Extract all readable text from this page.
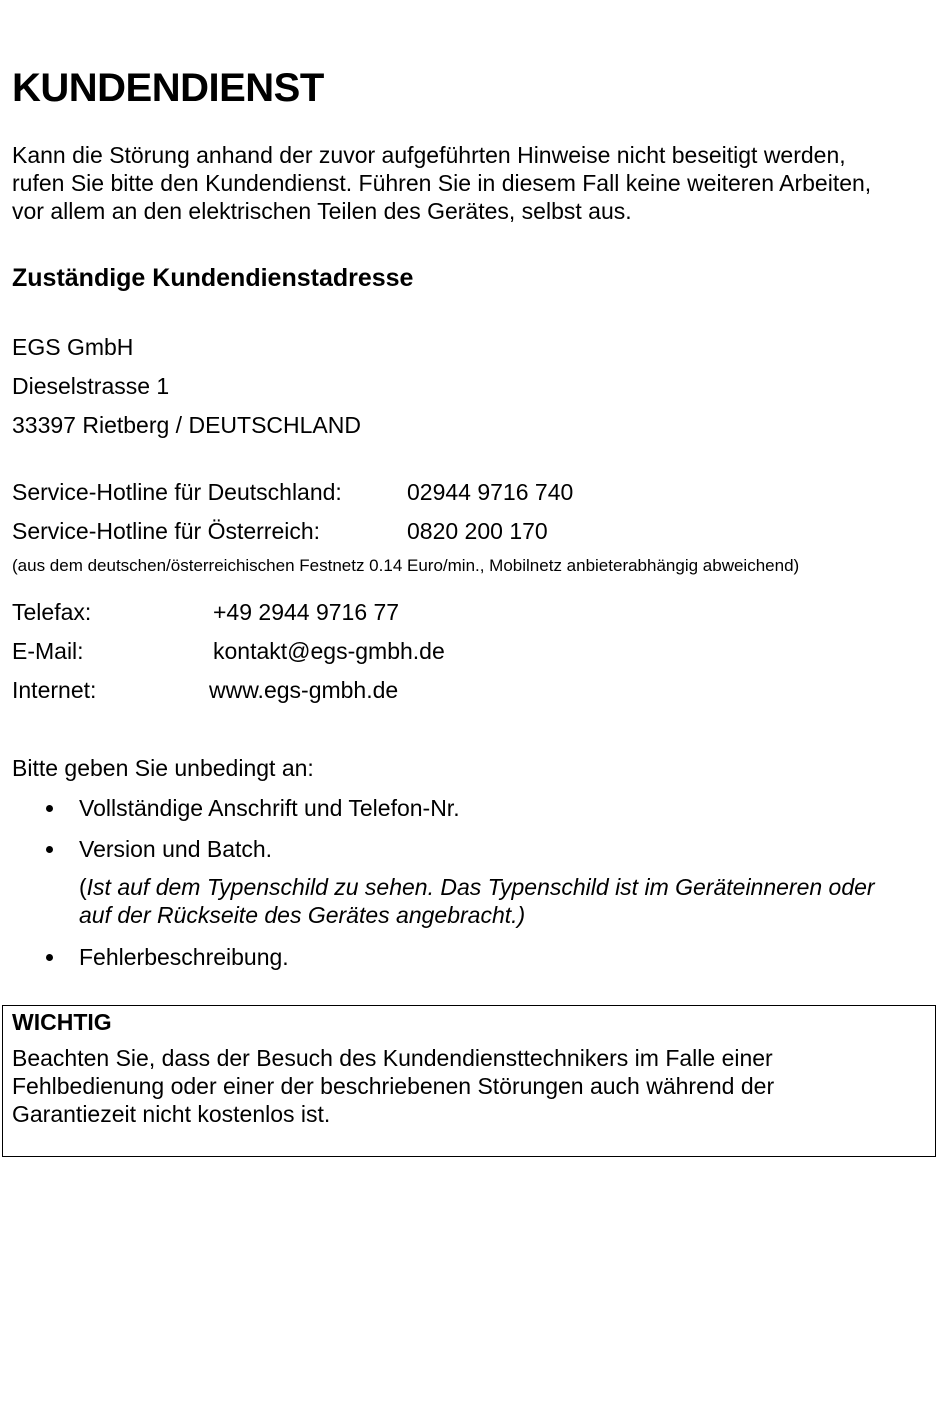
KUNDENDIENST
Kann die Störung anhand der zuvor aufgeführten Hinweise nicht beseitigt werden,
rufen Sie bitte den Kundendienst. Führen Sie in diesem Fall keine weiteren Arbeiten,
vor allem an den elektrischen Teilen des Gerätes, selbst aus.
Zuständige Kundendienstadresse
EGS GmbH
Dieselstrasse 1
33397 Rietberg / DEUTSCHLAND
Service-Hotline für Deutschland:	02944 9716 740
Service-Hotline für Österreich:	0820 200 170
(aus dem deutschen/österreichischen Festnetz 0.14 Euro/min., Mobilnetz anbieterabhängig abweichend)
Telefax:	+49 2944 9716 77
E-Mail:	kontakt@egs-gmbh.de
Internet:	www.egs-gmbh.de
Bitte geben Sie unbedingt an:
Vollständige Anschrift und Telefon-Nr.
Version und Batch.
(Ist auf dem Typenschild zu sehen. Das Typenschild ist im Geräteinneren oder
auf der Rückseite des Gerätes angebracht.)
Fehlerbeschreibung.
WICHTIG
Beachten Sie, dass der Besuch des Kundendiensttechnikers im Falle einer
Fehlbedienung oder einer der beschriebenen Störungen auch während der
Garantiezeit nicht kostenlos ist.
